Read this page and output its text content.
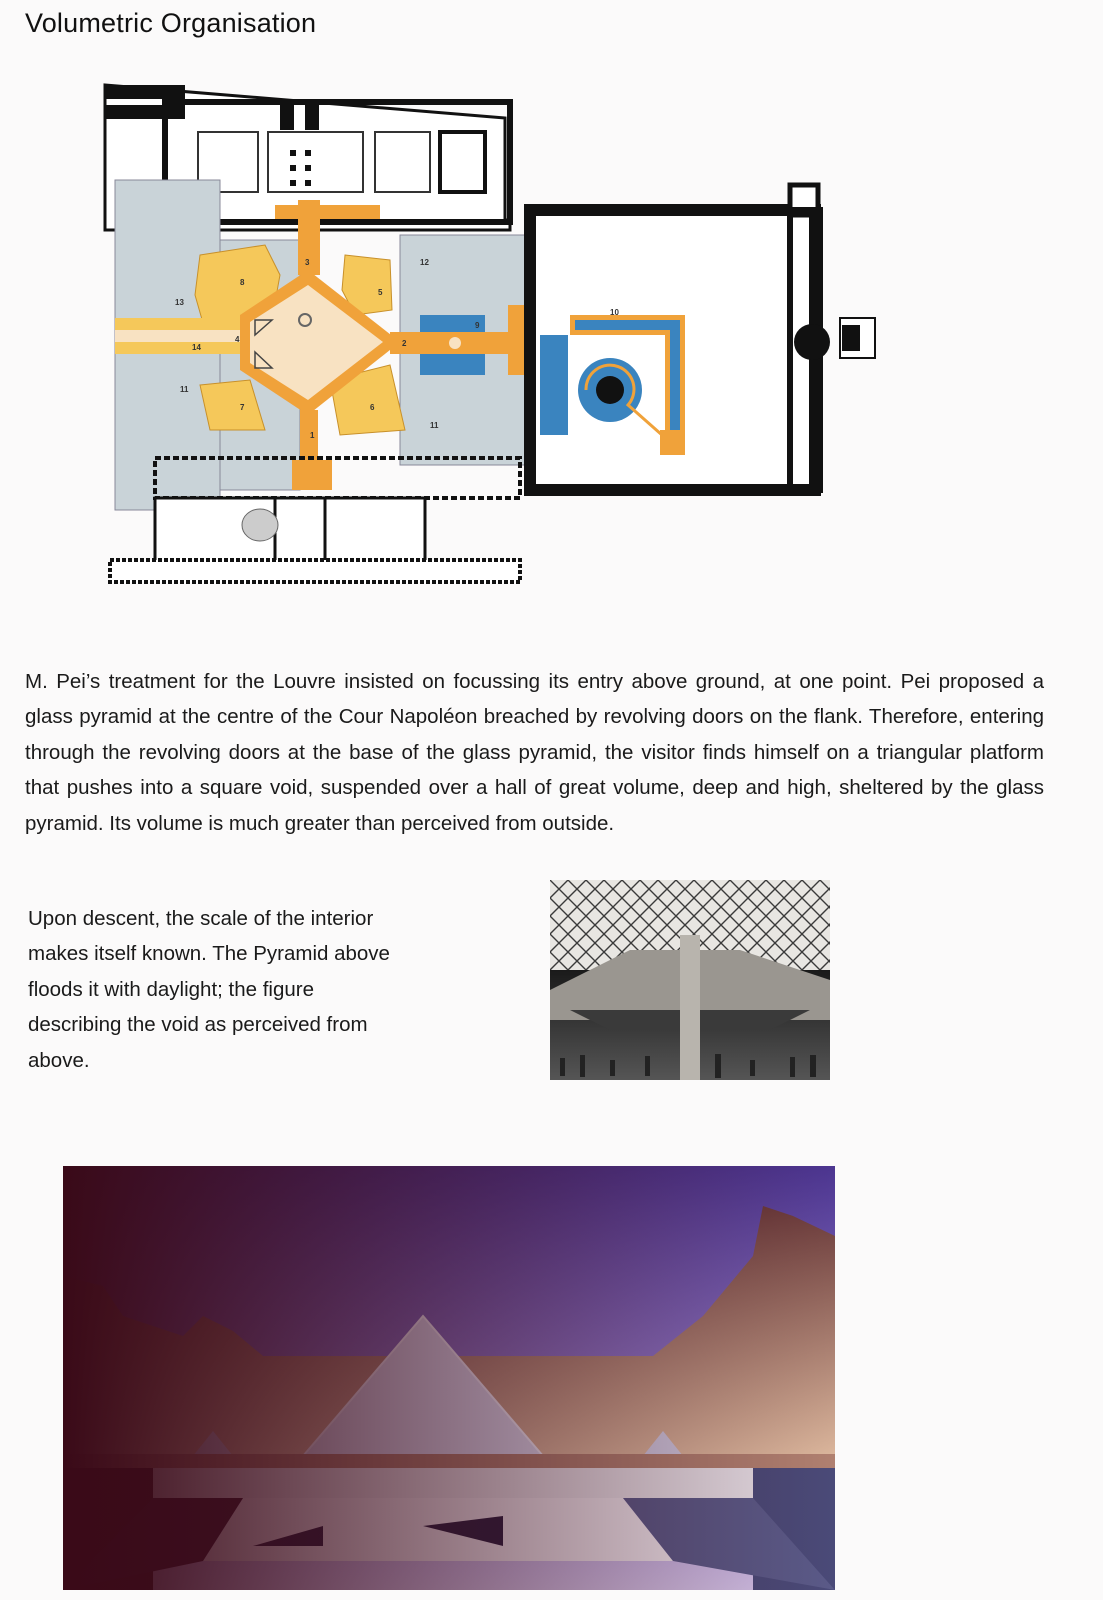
Volumetric Organisation
1
2
3
4
5
6
7
8
9
10
11
11
12
13
14

M. Pei’s treatment for the Louvre insisted on focussing its entry above ground, at one point. Pei proposed a glass pyramid at the centre of the Cour Napoléon breached by revolving doors on the flank. Therefore, entering through the revolving doors at the base of the glass pyramid, the visitor finds himself on a triangular platform that pushes into a square void, suspended over a hall of great volume, deep and high, sheltered by the glass pyramid. Its volume is much greater than perceived from outside.

Upon descent, the scale of the interior makes itself known. The Pyramid above floods it with daylight; the figure describing the void as perceived from above.
